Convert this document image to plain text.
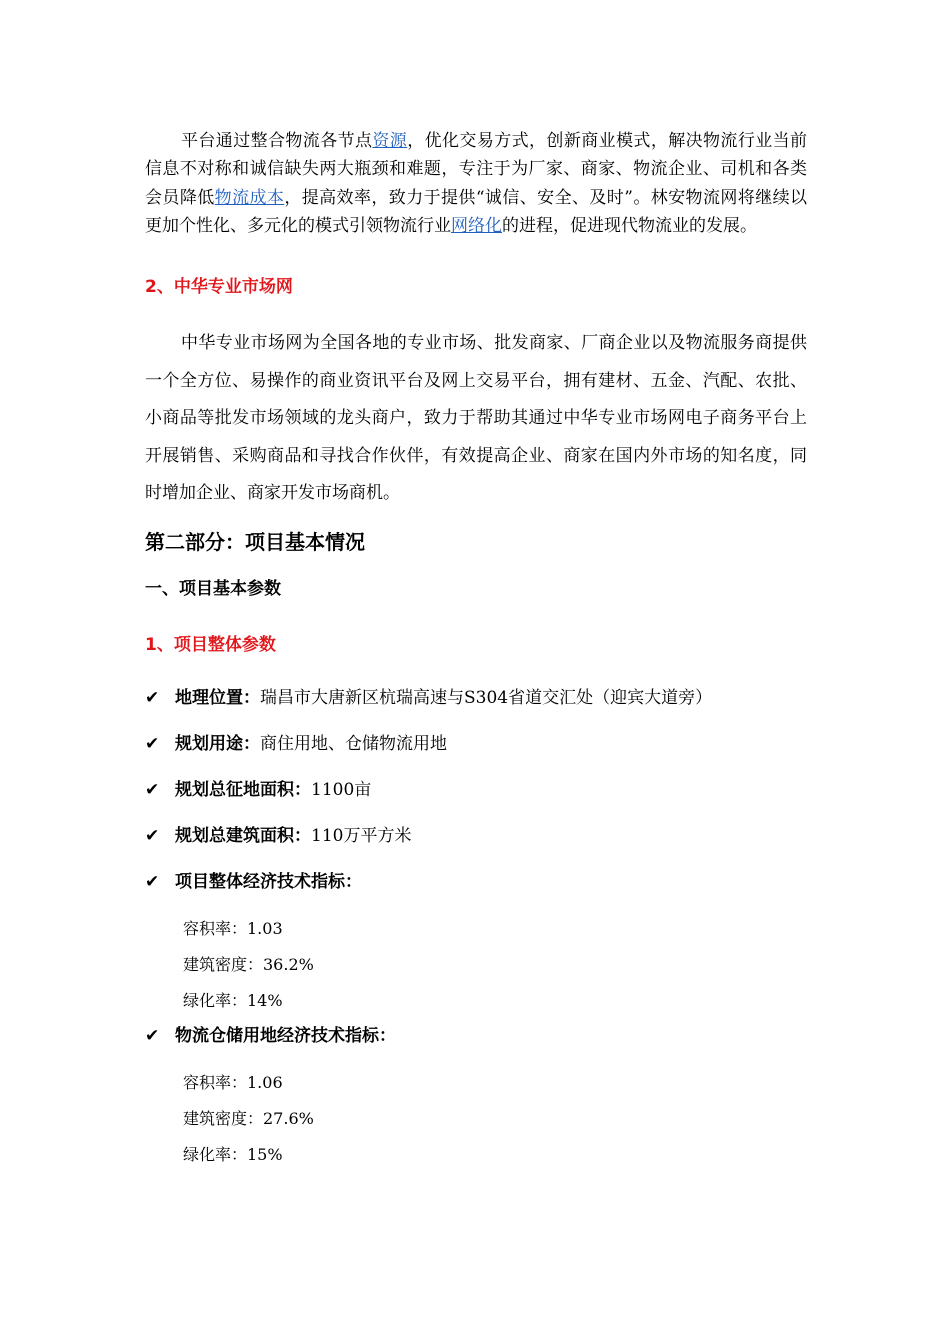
平台通过整合物流各节点资源，优化交易方式，创新商业模式，解决物流行业当前信息不对称和诚信缺失两大瓶颈和难题，专注于为厂家、商家、物流企业、司机和各类会员降低物流成本，提高效率，致力于提供“诚信、安全、及时”。林安物流网将继续以更加个性化、多元化的模式引领物流行业网络化的进程，促进现代物流业的发展。

2、中华专业市场网

中华专业市场网为全国各地的专业市场、批发商家、厂商企业以及物流服务商提供一个全方位、易操作的商业资讯平台及网上交易平台，拥有建材、五金、汽配、农批、小商品等批发市场领域的龙头商户，致力于帮助其通过中华专业市场网电子商务平台上开展销售、采购商品和寻找合作伙伴，有效提高企业、商家在国内外市场的知名度，同时增加企业、商家开发市场商机。

第二部分：项目基本情况
一、项目基本参数
1、项目整体参数
✔ 地理位置：瑞昌市大唐新区杭瑞高速与S304省道交汇处（迎宾大道旁）
✔ 规划用途：商住用地、仓储物流用地
✔ 规划总征地面积：1100亩
✔ 规划总建筑面积：110万平方米
✔ 项目整体经济技术指标：
容积率：1.03
建筑密度：36.2%
绿化率：14%
✔ 物流仓储用地经济技术指标：
容积率：1.06
建筑密度：27.6%
绿化率：15%
